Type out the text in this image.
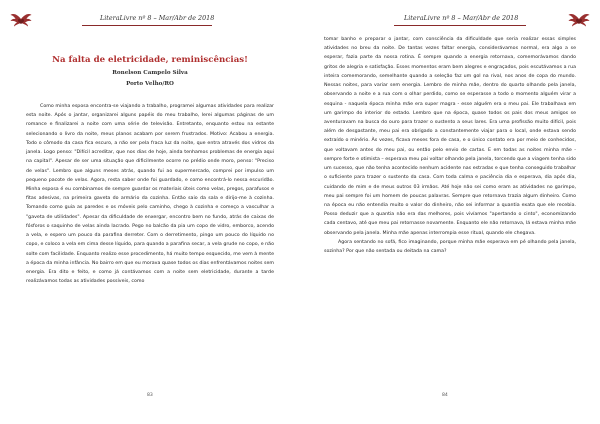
LiteraLivre nº 8 – Mar/Abr de 2018
Na falta de eletricidade, reminiscências!
Ronelson Campelo Silva
Porto Velho/RO

Como minha esposa encontra-se viajando a trabalho, programei algumas atividades para realizar esta noite. Após o jantar, organizarei alguns papéis do meu trabalho, lerei algumas páginas de um romance e finalizarei a noite com uma série de televisão. Entretanto, enquanto estou na estante selecionando o livro da noite, meus planos acabam por serem frustrados. Motivo: Acabou a energia. Todo o cômodo da casa fica escuro, a não ser pela fraca luz da noite, que entra através dos vidros da janela. Logo penso: "Difícil acreditar, que nos dias de hoje, ainda tenhamos problemas de energia aqui na capital". Apesar de ser uma situação que dificilmente ocorre no prédio onde moro, penso: "Preciso de velas". Lembro que alguns meses atrás, quando fui ao supermercado, comprei por impulso um pequeno pacote de velas. Agora, resta saber onde foi guardado, e como encontrá-lo nessa escuridão. Minha esposa é eu combinamos de sempre guardar os materiais úteis como velas, pregos, parafusos e fitas adesivas, na primeira gaveta do armário da cozinha. Então saio da sala e dirijo-me à cozinha. Tomando como guia as paredes e os móveis pelo caminho, chego à cozinha e começo a vasculhar a "gaveta de utilidades". Apesar da dificuldade de enxergar, encontro bem no fundo, atrás de caixas de fósforos o saquinho de velas ainda lacrado. Pego no balcão da pia um copo de vidro, emborco, acendo a vela, e espero um pouco da parafina derreter. Com o derretimento, pingo um pouco do líquido no copo, e coloco a vela em cima desse líquido, para quando a parafina secar, a vela grude no copo, e não solte com facilidade. Enquanto realizo esse procedimento, há muito tempo esquecido, me vem à mente a época da minha infância. No bairro em que eu morava quase todos os dias enfrentávamos noites sem energia. Era dito e feito, e como já contávamos com a noite sem eletricidade, durante a tarde realizávamos todas as atividades possíveis, como

83
LiteraLivre nº 8 – Mar/Abr de 2018

tomar banho e preparar o jantar, com consciência da dificuldade que seria realizar essas simples atividades no breu da noite. De tantas vezes faltar energia, considerávamos normal, era algo a se esperar, fazia parte da nossa rotina. É sempre quando a energia retornava, comemorávamos dando gritos de alegria e satisfação. Esses momentos eram bem alegres e engraçados, pois escutávamos a rua inteira comemorando, semelhante quando a seleção faz um gol na rival, nos anos de copa do mundo. Nessas noites, para variar sem energia. Lembro de minha mãe, dentro do quarto olhando pela janela, observando a noite e a rua com o olhar perdido, como se esperasse a todo o momento alguém virar a esquina - naquela época minha mãe era super magra - esse alguém era o meu pai. Ele trabalhava em um garimpo do interior do estado. Lembro que na época, quase todos os pais dos meus amigos se aventuravam na busca do ouro para trazer o sustento a seus lares. Era uma profissão muito difícil, pois além de desgastante, meu pai era obrigado a constantemente viajar para o local, onde estava sendo extraído o minério. Às vezes, ficava meses fora de casa, e o único contato era por meio de conhecidos, que voltavam antes do meu pai, ou então pelo envio de cartas. E em todas as noites minha mãe - sempre forte e otimista – esperava meu pai voltar olhando pela janela, torcendo que a viagem tenha sido um sucesso, que não tenha acontecido nenhum acidente nas estradas e que tenha conseguido trabalhar o suficiente para trazer o sustento da casa. Com toda calma e paciência dia e esperava, dia após dia, cuidando de mim e de meus outros 03 irmãos. Até hoje não sei como eram as atividades no garimpo, meu pai sempre foi um homem de poucas palavras. Sempre que retornava trazia algum dinheiro. Como na época eu não entendia muito o valor do dinheiro, não sei informar a quantia exata que ele recebia. Posso deduzir que a quantia não era das melhores, pois vivíamos "apertando o cinto", economizando cada centavo, até que meu pai retornasse novamente. Enquanto ele não retornava, lá estava minha mãe observando pela janela. Minha mãe apenas interrompia esse ritual, quando ele chegava.

Agora sentando no sofá, fico imaginando, porque minha mãe esperava em pé olhando pela janela, sozinha? Por que não sentada ou deitada na cama?

84
